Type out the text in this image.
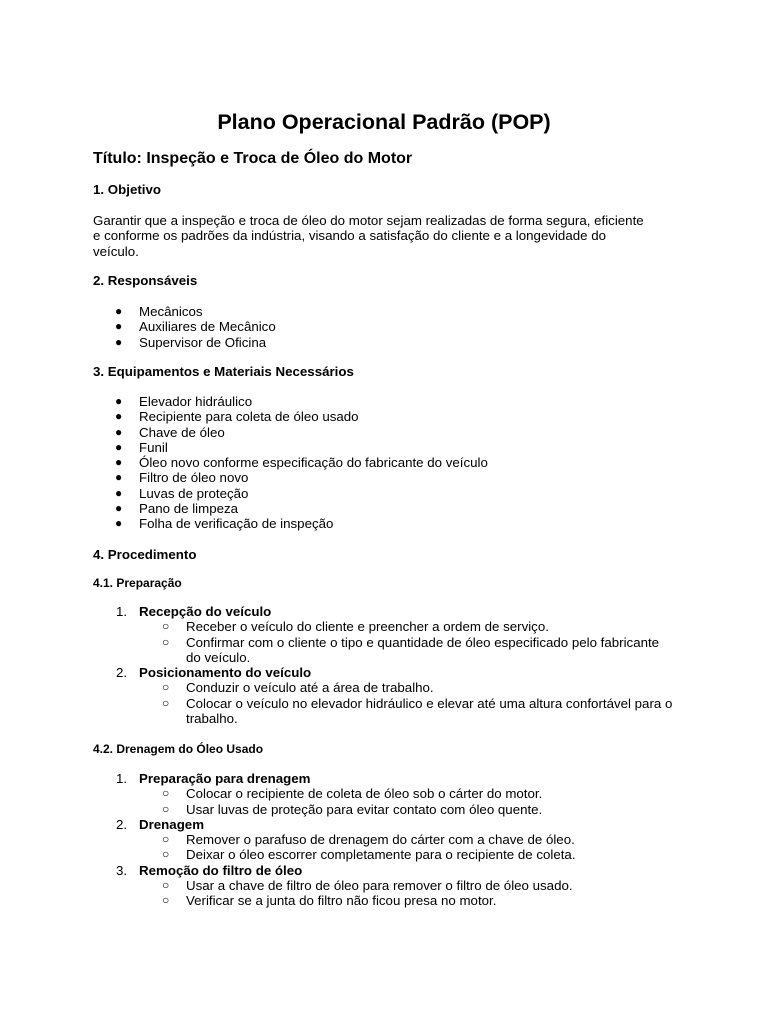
Plano Operacional Padrão (POP)
Título: Inspeção e Troca de Óleo do Motor
1. Objetivo
Garantir que a inspeção e troca de óleo do motor sejam realizadas de forma segura, eficiente e conforme os padrões da indústria, visando a satisfação do cliente e a longevidade do veículo.
2. Responsáveis
● Mecânicos
● Auxiliares de Mecânico
● Supervisor de Oficina
3. Equipamentos e Materiais Necessários
● Elevador hidráulico
● Recipiente para coleta de óleo usado
● Chave de óleo
● Funil
● Óleo novo conforme especificação do fabricante do veículo
● Filtro de óleo novo
● Luvas de proteção
● Pano de limpeza
● Folha de verificação de inspeção
4. Procedimento
4.1. Preparação
1. Recepção do veículo
○ Receber o veículo do cliente e preencher a ordem de serviço.
○ Confirmar com o cliente o tipo e quantidade de óleo especificado pelo fabricante do veículo.
2. Posicionamento do veículo
○ Conduzir o veículo até a área de trabalho.
○ Colocar o veículo no elevador hidráulico e elevar até uma altura confortável para o trabalho.
4.2. Drenagem do Óleo Usado
1. Preparação para drenagem
○ Colocar o recipiente de coleta de óleo sob o cárter do motor.
○ Usar luvas de proteção para evitar contato com óleo quente.
2. Drenagem
○ Remover o parafuso de drenagem do cárter com a chave de óleo.
○ Deixar o óleo escorrer completamente para o recipiente de coleta.
3. Remoção do filtro de óleo
○ Usar a chave de filtro de óleo para remover o filtro de óleo usado.
○ Verificar se a junta do filtro não ficou presa no motor.
